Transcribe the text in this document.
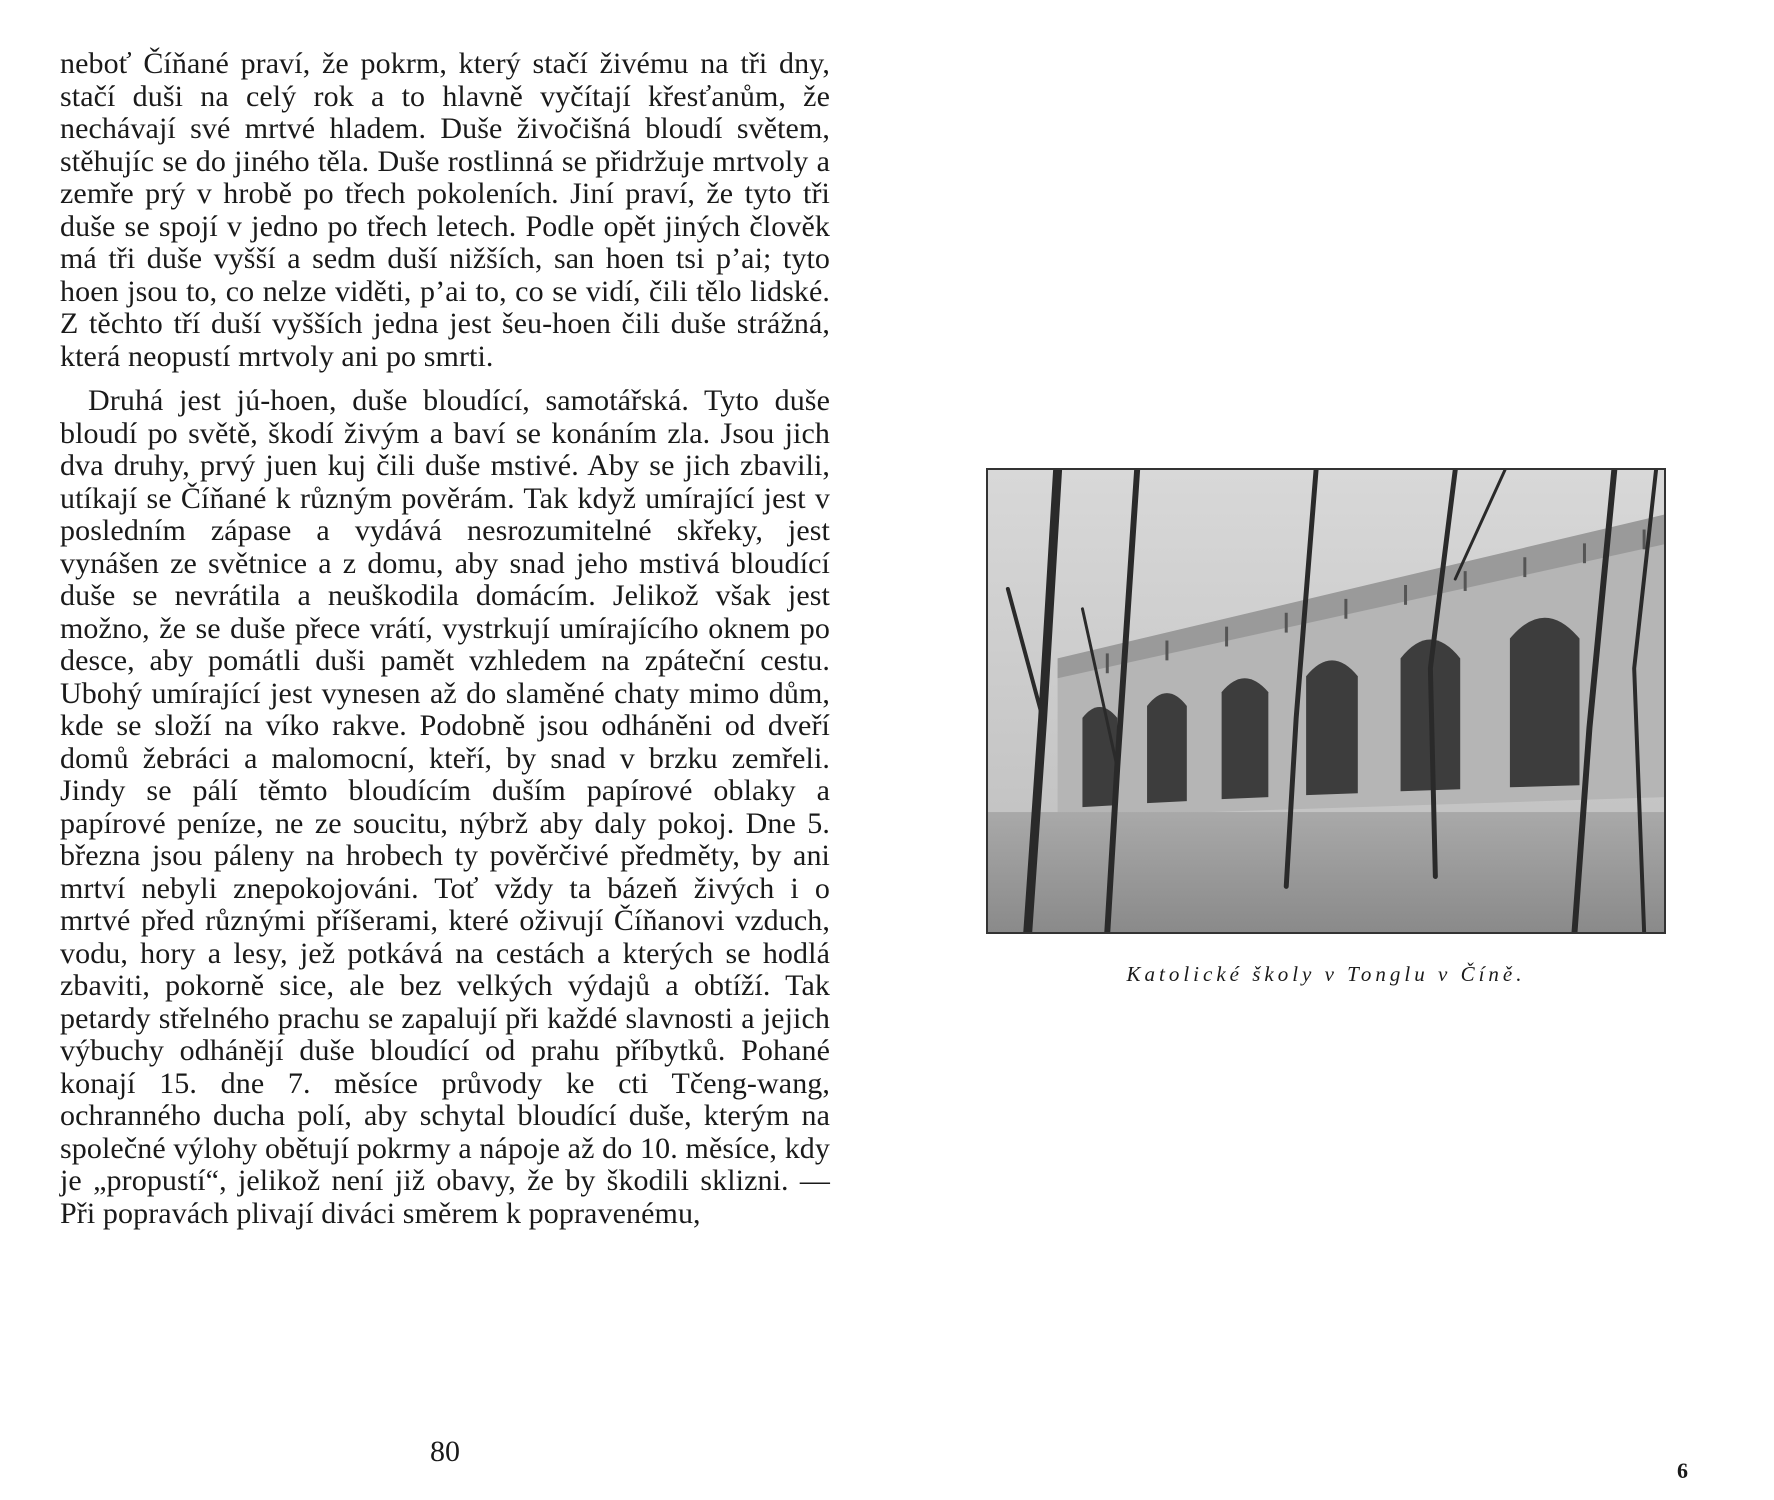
neboť Číňané praví, že pokrm, který stačí živému na tři dny, stačí duši na celý rok a to hlavně vyčítají křesťanům, že nechávají své mrtvé hladem. Duše živočišná bloudí světem, stěhujíc se do jiného těla. Duše rostlinná se přidržuje mrtvoly a zemře prý v hrobě po třech pokoleních. Jiní praví, že tyto tři duše se spojí v jedno po třech letech. Podle opět jiných člověk má tři duše vyšší a sedm duší nižších, san hoen tsi p’ai; tyto hoen jsou to, co nelze viděti, p’ai to, co se vidí, čili tělo lidské. Z těchto tří duší vyšších jedna jest šeu-hoen čili duše strážná, která neopustí mrtvoly ani po smrti.

Druhá jest jú-hoen, duše bloudící, samotářská. Tyto duše bloudí po světě, škodí živým a baví se konáním zla. Jsou jich dva druhy, prvý juen kuj čili duše mstivé. Aby se jich zbavili, utíkají se Číňané k různým pověrám. Tak když umírající jest v posledním zápase a vydává nesrozumitelné skřeky, jest vynášen ze světnice a z domu, aby snad jeho mstivá bloudící duše se nevrátila a neuškodila domácím. Jelikož však jest možno, že se duše přece vrátí, vystrkují umírajícího oknem po desce, aby pomátli duši pamět vzhledem na zpáteční cestu. Ubohý umírající jest vynesen až do slaměné chaty mimo dům, kde se složí na víko rakve. Podobně jsou odháněni od dveří domů žebráci a malomocní, kteří, by snad v brzku zemřeli. Jindy se pálí těmto bloudícím duším papírové oblaky a papírové peníze, ne ze soucitu, nýbrž aby daly pokoj. Dne 5. března jsou páleny na hrobech ty pověrčivé předměty, by ani mrtví nebyli znepokojováni. Toť vždy ta bázeň živých i o mrtvé před různými příšerami, které oživují Číňanovi vzduch, vodu, hory a lesy, jež potkává na cestách a kterých se hodlá zbaviti, pokorně sice, ale bez velkých výdajů a obtíží. Tak petardy střelného prachu se zapalují při každé slavnosti a jejich výbuchy odhánějí duše bloudící od prahu příbytků. Pohané konají 15. dne 7. měsíce průvody ke cti Tčeng-wang, ochranného ducha polí, aby schytal bloudící duše, kterým na společné výlohy obětují pokrmy a nápoje až do 10. měsíce, kdy je „propustí“, jelikož není již obavy, že by škodili sklizni. — Při popravách plivají diváci směrem k popravenému,

80
Katolické školy v Tonglu v Číně.
6
